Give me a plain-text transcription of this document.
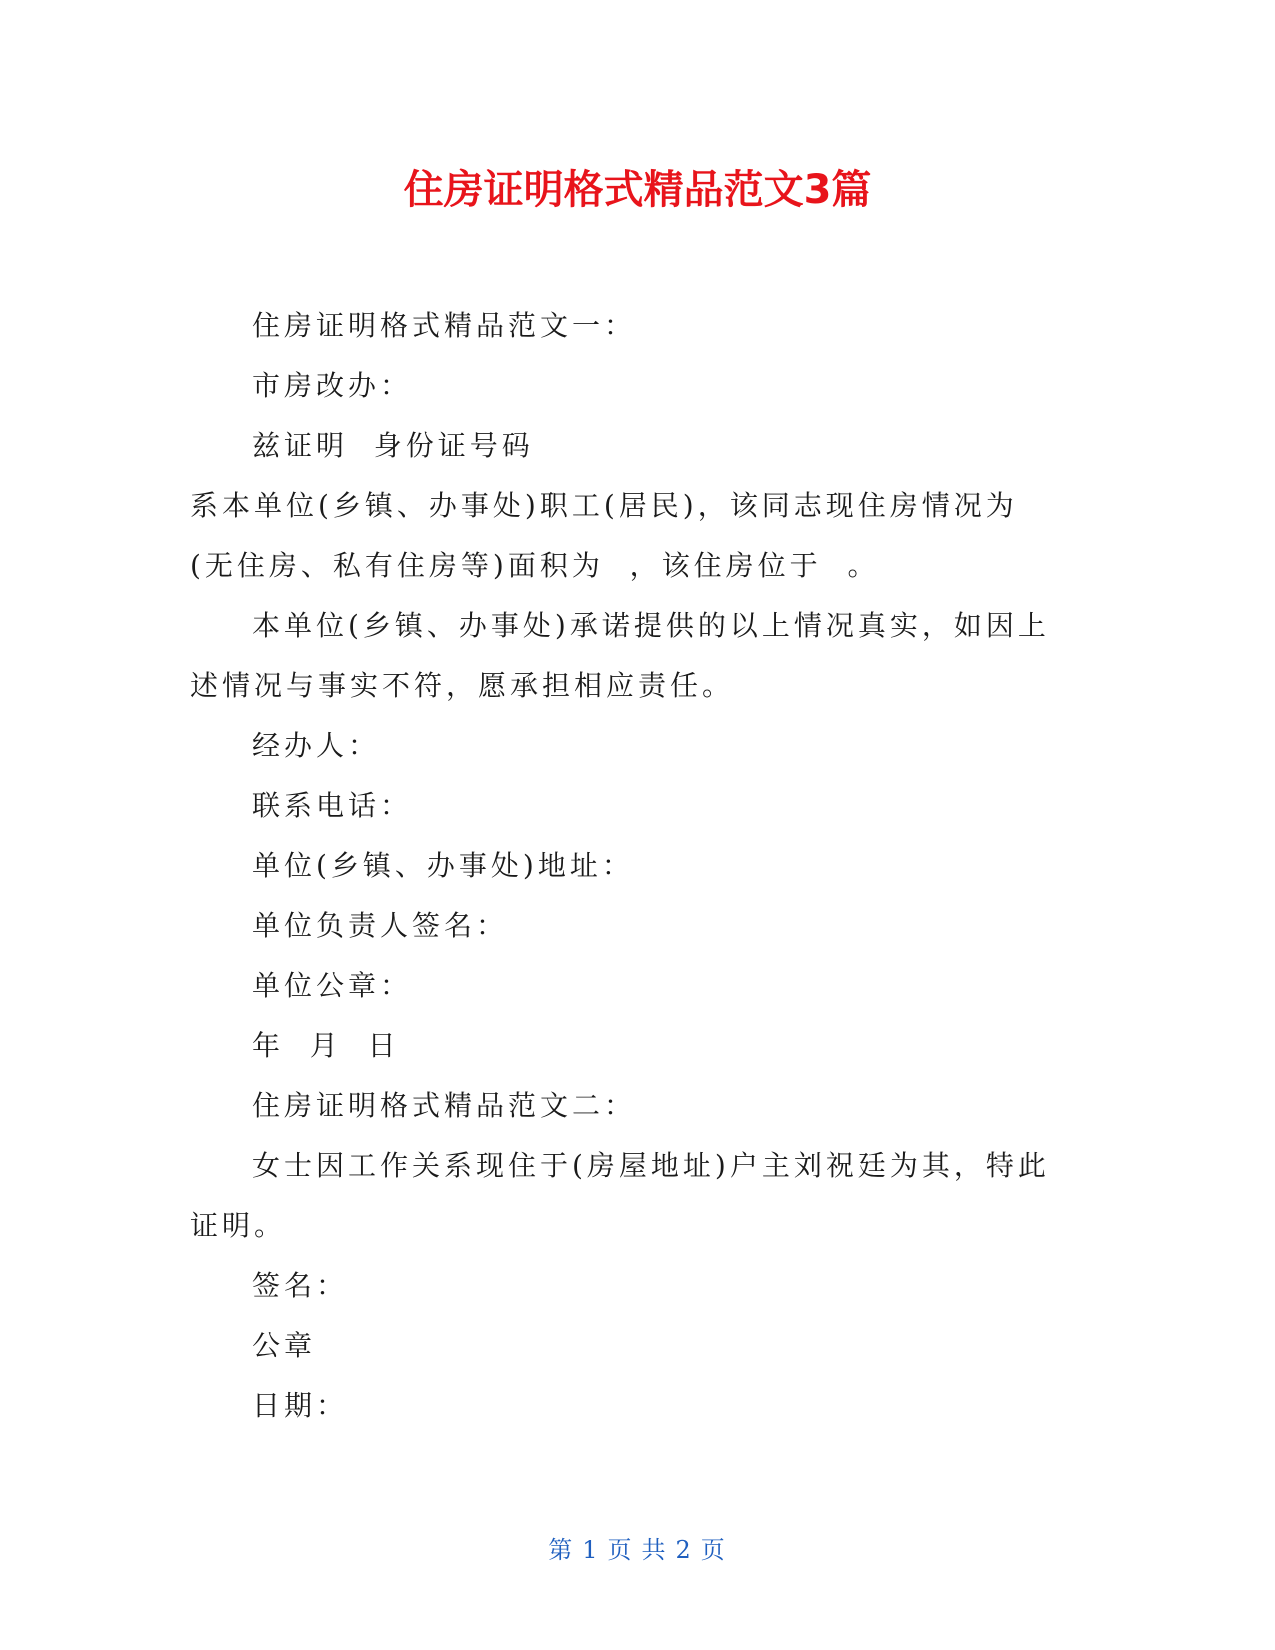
住房证明格式精品范文3篇

住房证明格式精品范文一：

市房改办：

兹证明  身份证号码

系本单位(乡镇、办事处)职工(居民)，该同志现住房情况为

(无住房、私有住房等)面积为  ，该住房位于  。

本单位(乡镇、办事处)承诺提供的以上情况真实，如因上述情况与事实不符，愿承担相应责任。

经办人：

联系电话：

单位(乡镇、办事处)地址：

单位负责人签名：

单位公章：

年  月  日

住房证明格式精品范文二：

女士因工作关系现住于(房屋地址)户主刘祝廷为其，特此证明。

签名：

公章

日期：

第 1 页 共 2 页
